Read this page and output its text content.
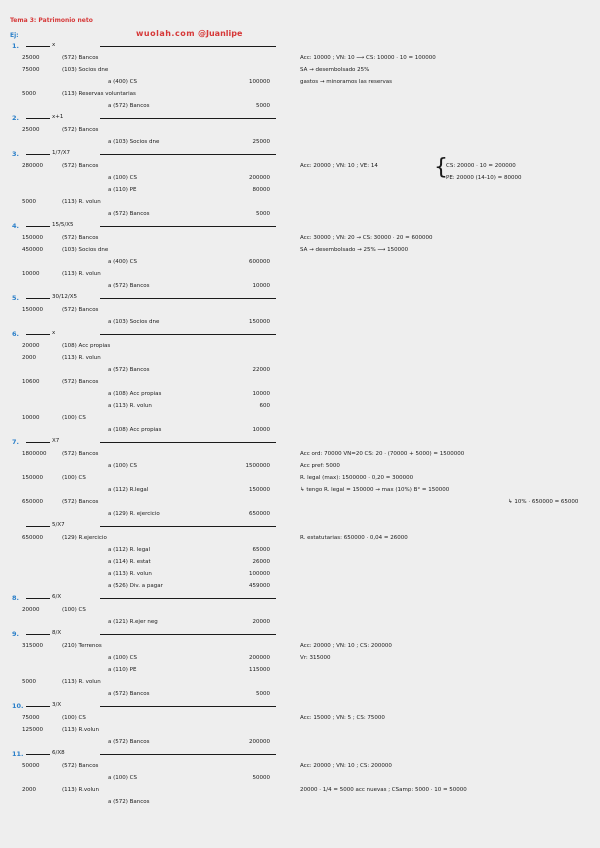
Tema 3: Patrimonio neto
Ej:	wuolah.com @Juanlipe
1.	x
25000	(572) Bancos
75000	(103) Socios dne
a (400) CS	100000
5000	(113) Reservas voluntarias
a (572) Bancos	5000
2.	x+1
25000	(572) Bancos
a (103) Socios dne	25000
3.	1/7/X7
280000	(572) Bancos
a (100) CS	200000
a (110) PE	80000
5000	(113) R. volun
a (572) Bancos	5000
4.	15/5/X5
150000	(572) Bancos
450000	(103) Socios dne
a (400) CS	600000
10000	(113) R. volun
a (572) Bancos	10000
5.	30/12/X5
150000	(572) Bancos
a (103) Socios dne	150000
6.	x
20000	(108) Acc propias
2000	(113) R. volun
a (572) Bancos	22000
10600	(572) Bancos
a (108) Acc propias	10000
a (113) R. volun	600
10000	(100) CS
a (108) Acc propias	10000
7.	X7
1800000	(572) Bancos
a (100) CS	1500000
150000	(100) CS
a (112) R.legal	150000
650000	(572) Bancos
a (129) R. ejercicio	650000
5/X7
650000	(129) R.ejercicio
a (112) R. legal	65000
a (114) R. estat	26000
a (113) R. volun	100000
a (526) Div. a pagar	459000
8.	6/X
20000	(100) CS
a (121) R.ejer neg	20000
9.	8/X
315000	(210) Terrenos
a (100) CS	200000
a (110) PE	115000
5000	(113) R. volun
a (572) Bancos	5000
10.	3/X
75000	(100) CS
125000	(113) R.volun
a (572) Bancos	200000
11.	6/X8
50000	(572) Bancos
a (100) CS	50000
2000	(113) R.volun
a (572) Bancos
Acc: 10000 ; VN: 10 ⟶ CS: 10000 · 10 = 100000
SA → desembolsado 25%
gastos → minoramos las reservas
Acc: 20000 ; VN: 10 ; VE: 14	{
CS: 20000 · 10 = 200000
PE: 20000 (14-10) = 80000
Acc: 30000 ; VN: 20 → CS: 30000 · 20 = 600000
SA → desembolsado → 25% ⟶ 150000
Acc ord: 70000 VN=20 CS: 20 · (70000 + 5000) = 1500000
Acc pref: 5000
R. legal (max): 1500000 · 0,20 = 300000
↳ tengo R. legal = 150000 → max (10%) B° = 150000
↳ 10% · 650000 = 65000
R. estatutarias: 650000 · 0,04 = 26000
Acc: 20000 ; VN: 10 ; CS: 200000
Vr: 315000
Acc: 15000 ; VN: 5 ; CS: 75000
Acc: 20000 ; VN: 10 ; CS: 200000
20000 · 1/4 = 5000 acc nuevas ; CSamp: 5000 · 10 = 50000
